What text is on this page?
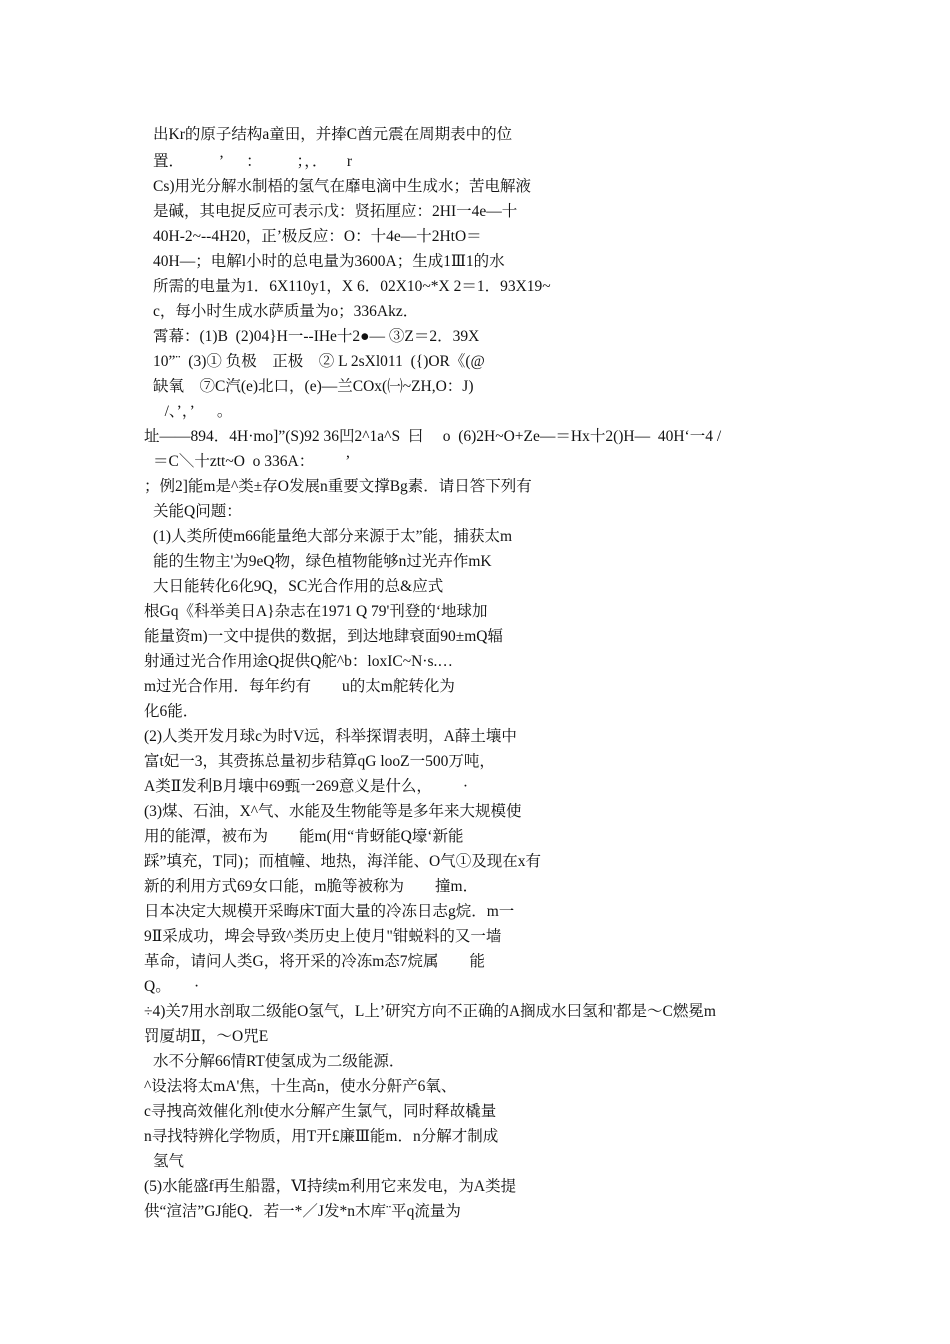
出Kr的原子结构a童田，并捧C酋元震在周期表中的位
置．         ’      ：         ；，．     r
Cs)用光分解水制梧的氢气在靡电滴中生成水；苦电解液
是碱，其电捉反应可表示戊：贤拓厘应：2HI一4e—十
40H-2~--4H20，正’极反应：O：十4e—十2HtO＝
40H—；电解l小时的总电量为3600A；生成1Ⅲ1的水
所需的电量为1．6X110y1，X 6．02X10~*X 2＝1．93X19~
c，每小时生成水萨质量为o；336Akz．
霄幕：(1)B  (2)04}H一--IHe十2●— ③Z＝2．39X
10”¨  (3)① 负极    正极    ② L 2sXl011  ({)OR《(@
缺氧    ⑦C汽(e)北口，(e)—兰COx(㈠~ZH,O：J)
/、’，’      。
址——894．4H·mo]”(S)92 36凹2^1a^S  曰     o  (6)2H~O+Ze—＝Hx十2()H—  40H‘一4 /
＝C＼十ztt~O  o 336A：        ’
；例2]能m是^类±存O发展n重要文撑Bg素．请日答下列有
关能Q问题：
(1)人类所使m66能量绝大部分来源于太”能，捕获太m
能的生物主'为9eQ物，绿色植物能够n过光卉作mK
大日能转化6化9Q，SC光合作用的总&应式
根Gq《科举美日A}杂志在1971 Q 79'刊登的‘地球加
能量资m)一文中提供的数据，到达地肆衰面90±mQ辐
射通过光合作用途Q捉供Q舵^b：loxIC~N·s.…
m过光合作用．每年约有        u的太m舵转化为
化6能．
(2)人类开发月球c为时V远，科举探谓表明，A薛土壤中
富t妃一3，其赍拣总量初步秸算qG looZ一500万吨，
A类Ⅱ发利B月壤中69甄一269意义是什么，        ·
(3)煤、石油，X^气、水能及生物能等是多年来大规模使
用的能潭，被布为        能m(用“肯蚜能Q壕‘新能
踩”填充，T同)；而植幢、地热，海洋能、O气①及现在x有
新的利用方式69女口能，m脆等被称为        撞m．
日本决定大规模开采晦床T面大量的冷冻日志g烷．m一
9Ⅱ采成功，埤会导致^类历史上使月"钳蜕料的又一墙
革命，请问人类G，将开采的冷冻m态7烷属        能
Q。      ·
÷4)关7用水剖取二级能O氢气，L上’研究方向不正确的A搁成水曰氢和'都是～C燃冕m
罚厦胡Ⅱ，～O咒E
水不分解66情RT使氢成为二级能源．
^设法将太mA'焦，十生高n，使水分鼾产6氧、
c寻拽高效催化剂t使水分解产生氯气，同时释故橇量
n寻找特辨化学物质，用T开£廉Ⅲ能m．n分解才制成
氢气
(5)水能盛f再生船嚣，Ⅵ持续m利用它来发电，为A类提
供“渲洁”GJ能Q．若一*／J发*n木库¨平q流量为
